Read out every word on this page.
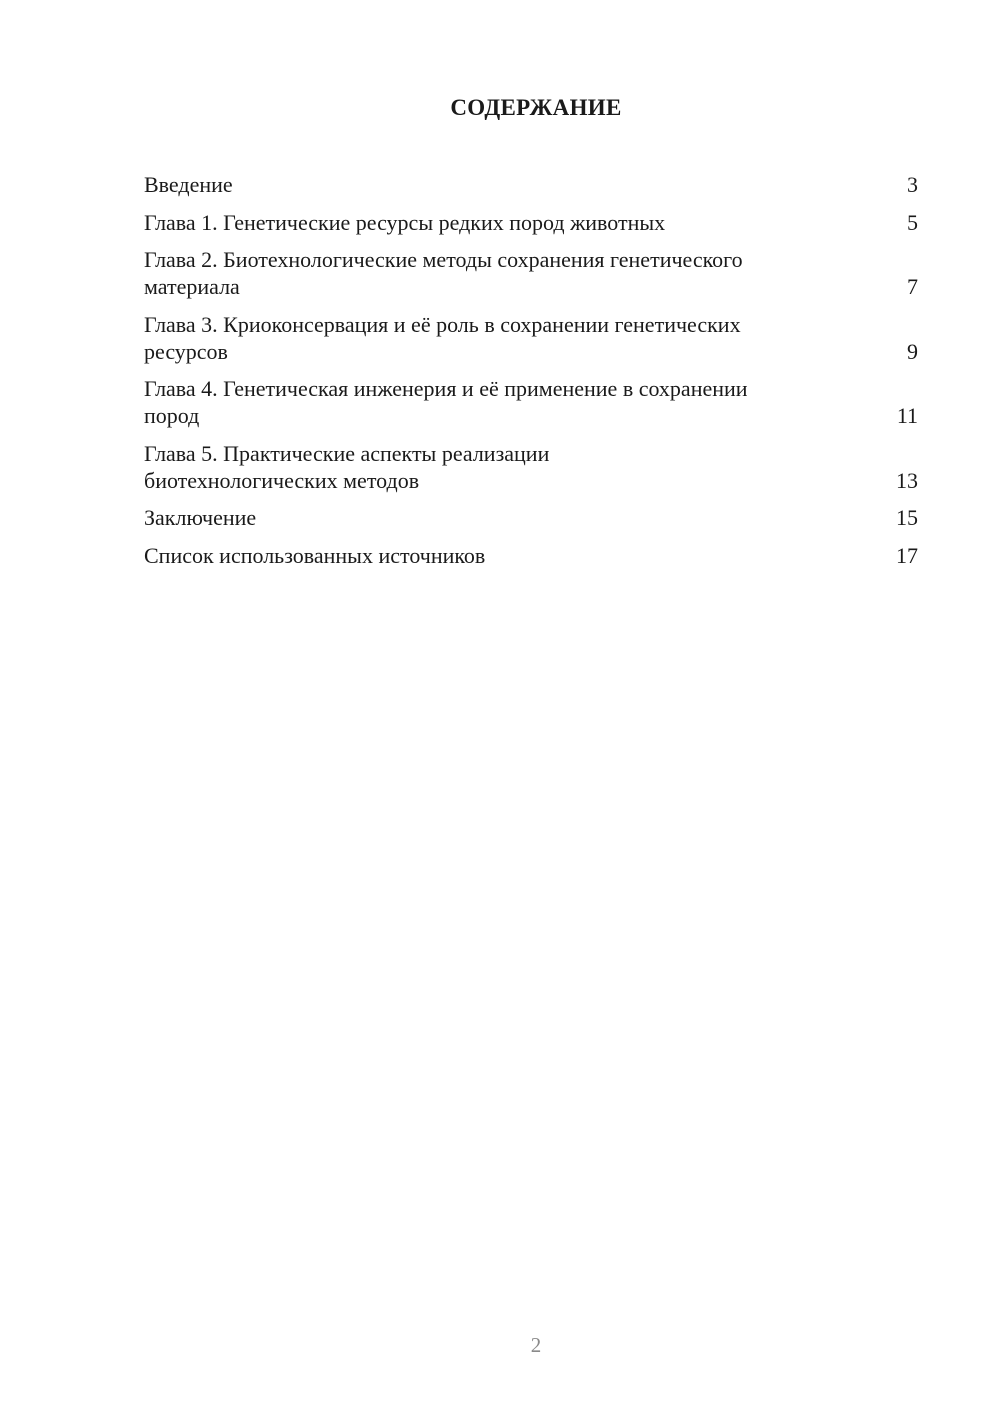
СОДЕРЖАНИЕ
Введение	3
Глава 1. Генетические ресурсы редких пород животных	5
Глава 2. Биотехнологические методы сохранения генетического
материала	7
Глава 3. Криоконсервация и её роль в сохранении генетических
ресурсов	9
Глава 4. Генетическая инженерия и её применение в сохранении
пород	11
Глава 5. Практические аспекты реализации
биотехнологических методов	13
Заключение	15
Список использованных источников	17
2
